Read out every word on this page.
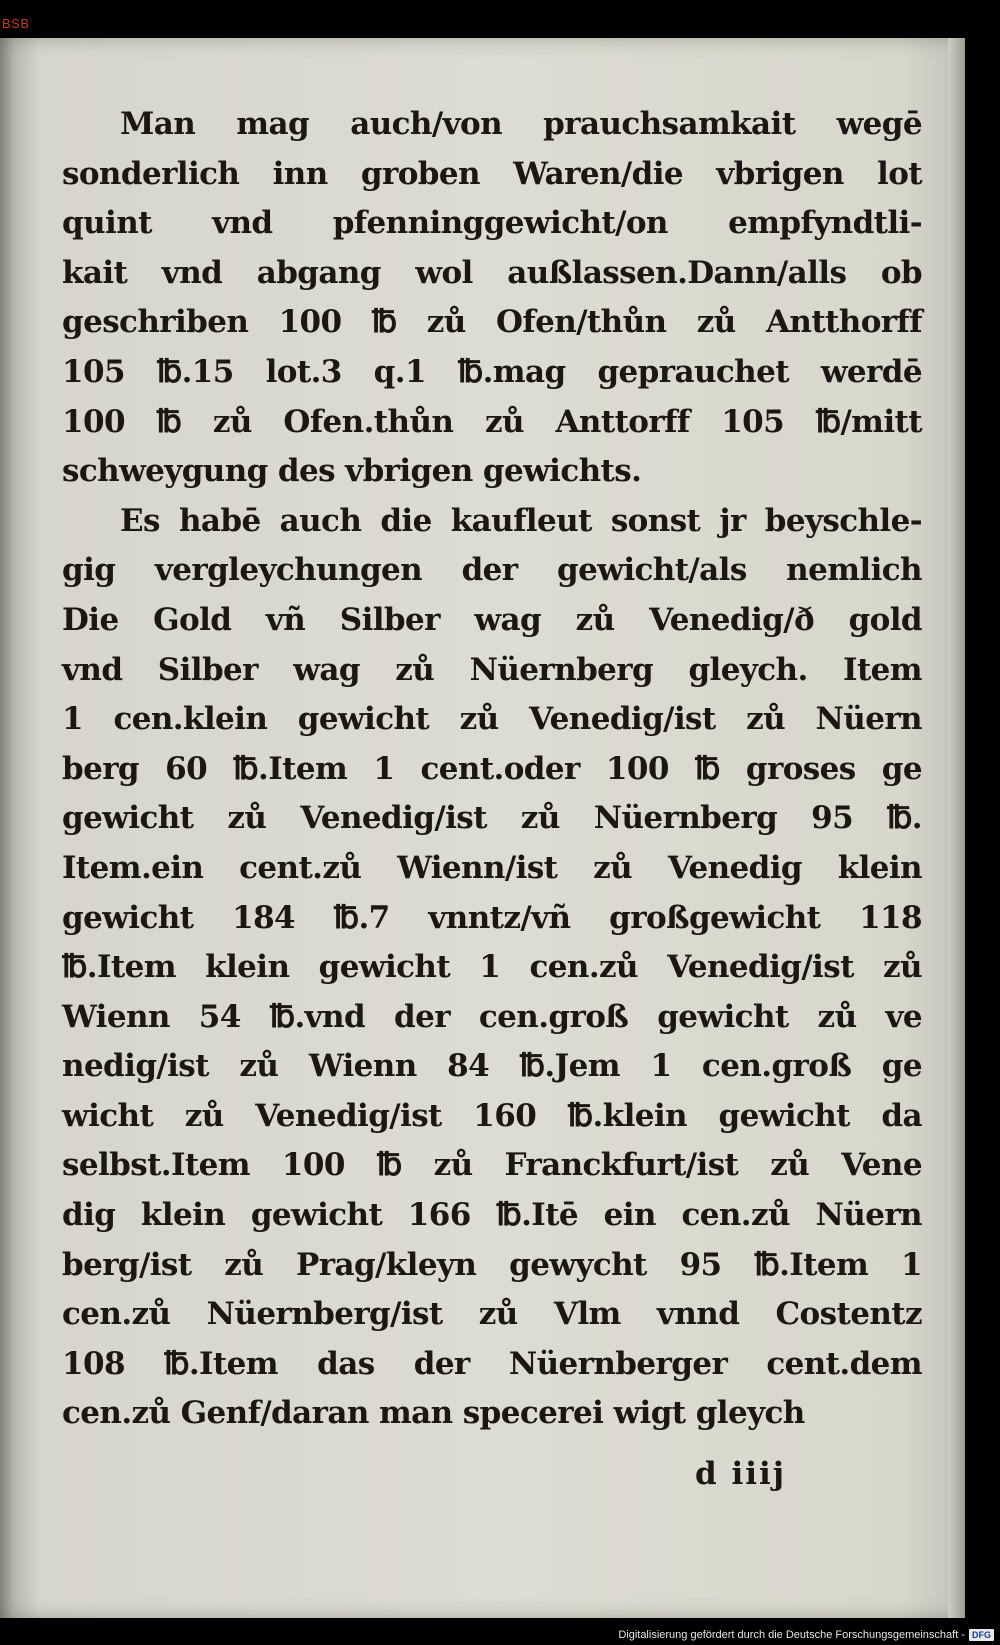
BSB
Man mag auch/von prauchsamkait wegē
sonderlich inn groben Waren/die vbrigen lot
quint vnd pfenninggewicht/on empfyndtli-
kait vnd abgang wol außlassen.Dann/alls ob
geschriben 100 ℔ zů Ofen/thůn zů Antthorff
105 ℔.15 lot.3 q.1 ℔.mag geprauchet werdē
100 ℔ zů Ofen.thůn zů Anttorff 105 ℔/mitt
schweygung des vbrigen gewichts.
Es habē auch die kaufleut sonst jr beyschle-
gig vergleychungen der gewicht/als nemlich
Die Gold vñ Silber wag zů Venedig/ð gold
vnd Silber wag zů Nüernberg gleych. Item
1 cen.klein gewicht zů Venedig/ist zů Nüern
berg 60 ℔.Item 1 cent.oder 100 ℔ groses ge
gewicht zů Venedig/ist zů Nüernberg 95 ℔.
Item.ein cent.zů Wienn/ist zů Venedig klein
gewicht 184 ℔.7 vnntz/vñ großgewicht 118
℔.Item klein gewicht 1 cen.zů Venedig/ist zů
Wienn 54 ℔.vnd der cen.groß gewicht zů ve
nedig/ist zů Wienn 84 ℔.Jem 1 cen.groß ge
wicht zů Venedig/ist 160 ℔.klein gewicht da
selbst.Item 100 ℔ zů Franckfurt/ist zů Vene
dig klein gewicht 166 ℔.Itē ein cen.zů Nüern
berg/ist zů Prag/kleyn gewycht 95 ℔.Item 1
cen.zů Nüernberg/ist zů Vlm vnnd Costentz
108 ℔.Item das der Nüernberger cent.dem
cen.zů Genf/daran man specerei wigt gleych
d iiij
Digitalisierung gefördert durch die Deutsche Forschungsgemeinschaft - DFG
